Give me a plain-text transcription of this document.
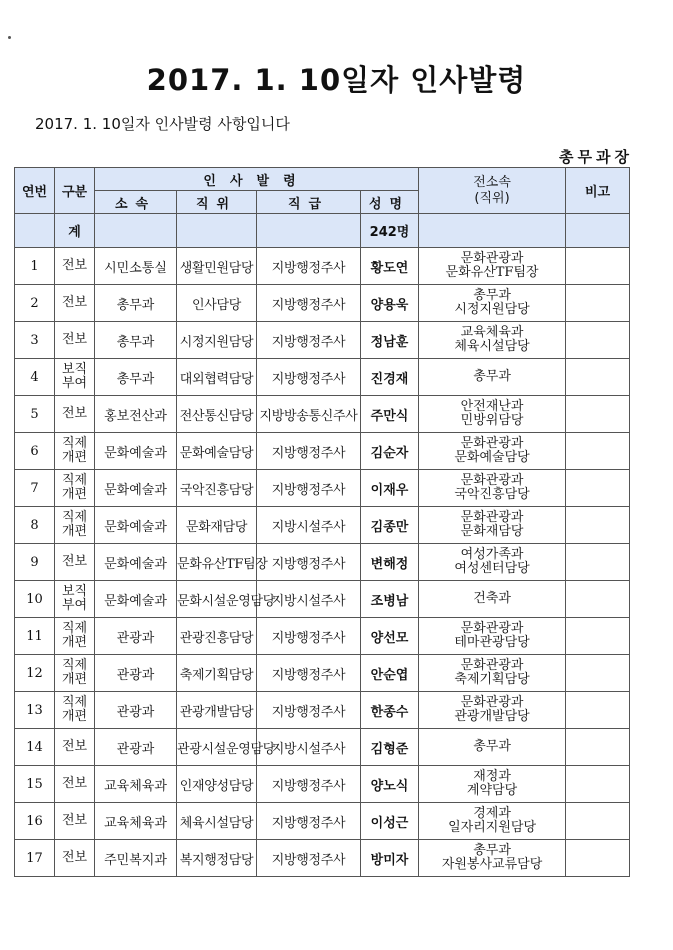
2017. 1. 10일자 인사발령
2017. 1. 10일자 인사발령 사항입니다
총무과장
연번	구분	인사발령				전소속
(직위)	비고
		소속	직위	직급	성명		
	계				242명		
1	전보	시민소통실	생활민원담당	지방행정주사	황도연	문화관광과
문화유산TF팀장	

2	전보	총무과	인사담당	지방행정주사	양용욱	총무과
시정지원담당	

3	전보	총무과	시정지원담당	지방행정주사	정남훈	교육체육과
체육시설담당	

4	보직
부여	총무과	대외협력담당	지방행정주사	진경재	총무과	

5	전보	홍보전산과	전산통신담당	지방방송통신주사	주만식	안전재난과
민방위담당	

6	직제
개편	문화예술과	문화예술담당	지방행정주사	김순자	문화관광과
문화예술담당	

7	직제
개편	문화예술과	국악진흥담당	지방행정주사	이재우	문화관광과
국악진흥담당	

8	직제
개편	문화예술과	문화재담당	지방시설주사	김종만	문화관광과
문화재담당	

9	전보	문화예술과	문화유산TF팀장	지방행정주사	변해정	여성가족과
여성센터담당	

10	보직
부여	문화예술과	문화시설운영담당	지방시설주사	조병남	건축과	

11	직제
개편	관광과	관광진흥담당	지방행정주사	양선모	문화관광과
테마관광담당	

12	직제
개편	관광과	축제기획담당	지방행정주사	안순엽	문화관광과
축제기획담당	

13	직제
개편	관광과	관광개발담당	지방행정주사	한종수	문화관광과
관광개발담당	

14	전보	관광과	관광시설운영담당	지방시설주사	김형준	총무과	

15	전보	교육체육과	인재양성담당	지방행정주사	양노식	재정과
계약담당	

16	전보	교육체육과	체육시설담당	지방행정주사	이성근	경제과
일자리지원담당	

17	전보	주민복지과	복지행정담당	지방행정주사	방미자	총무과
자원봉사교류담당	
